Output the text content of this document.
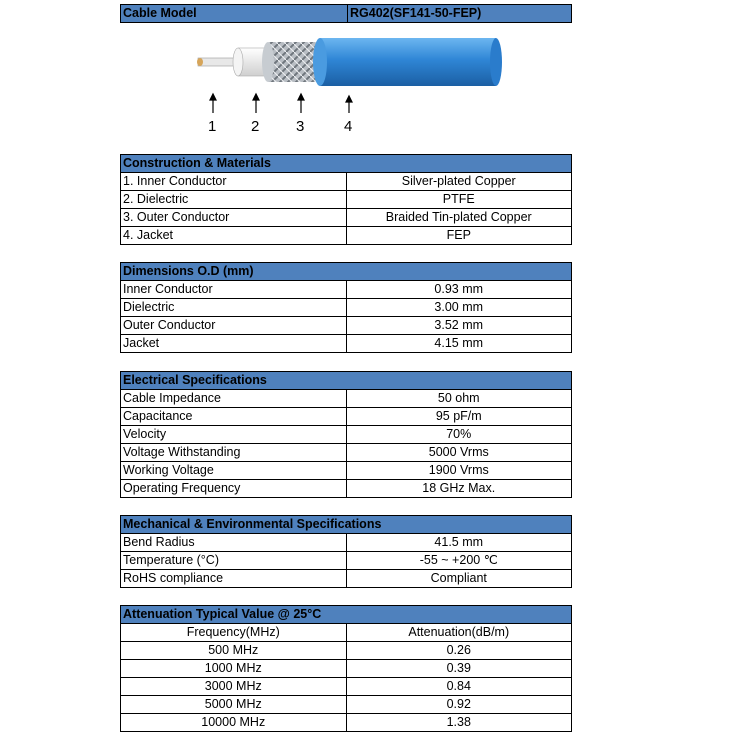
Cable Model	RG402(SF141-50-FEP)
1 2 3	4
Construction & Materials	
1. Inner Conductor	Silver-plated Copper
2. Dielectric	PTFE
3. Outer Conductor	Braided Tin-plated Copper
4. Jacket	FEP
Dimensions O.D (mm)	
Inner Conductor	0.93 mm
Dielectric	3.00 mm
Outer Conductor	3.52 mm
Jacket	4.15 mm
Electrical Specifications	
Cable Impedance	50 ohm
Capacitance	95 pF/m
Velocity	70%
Voltage Withstanding	5000 Vrms
Working Voltage	1900 Vrms
Operating Frequency	18 GHz Max.
Mechanical & Environmental Specifications	
Bend Radius	41.5 mm
Temperature (°C)	-55 ~ +200 ℃
RoHS compliance	Compliant
Attenuation Typical Value @ 25°C	
Frequency(MHz)	Attenuation(dB/m)
500 MHz	0.26
1000 MHz	0.39
3000 MHz	0.84
5000 MHz	0.92
10000 MHz	1.38
